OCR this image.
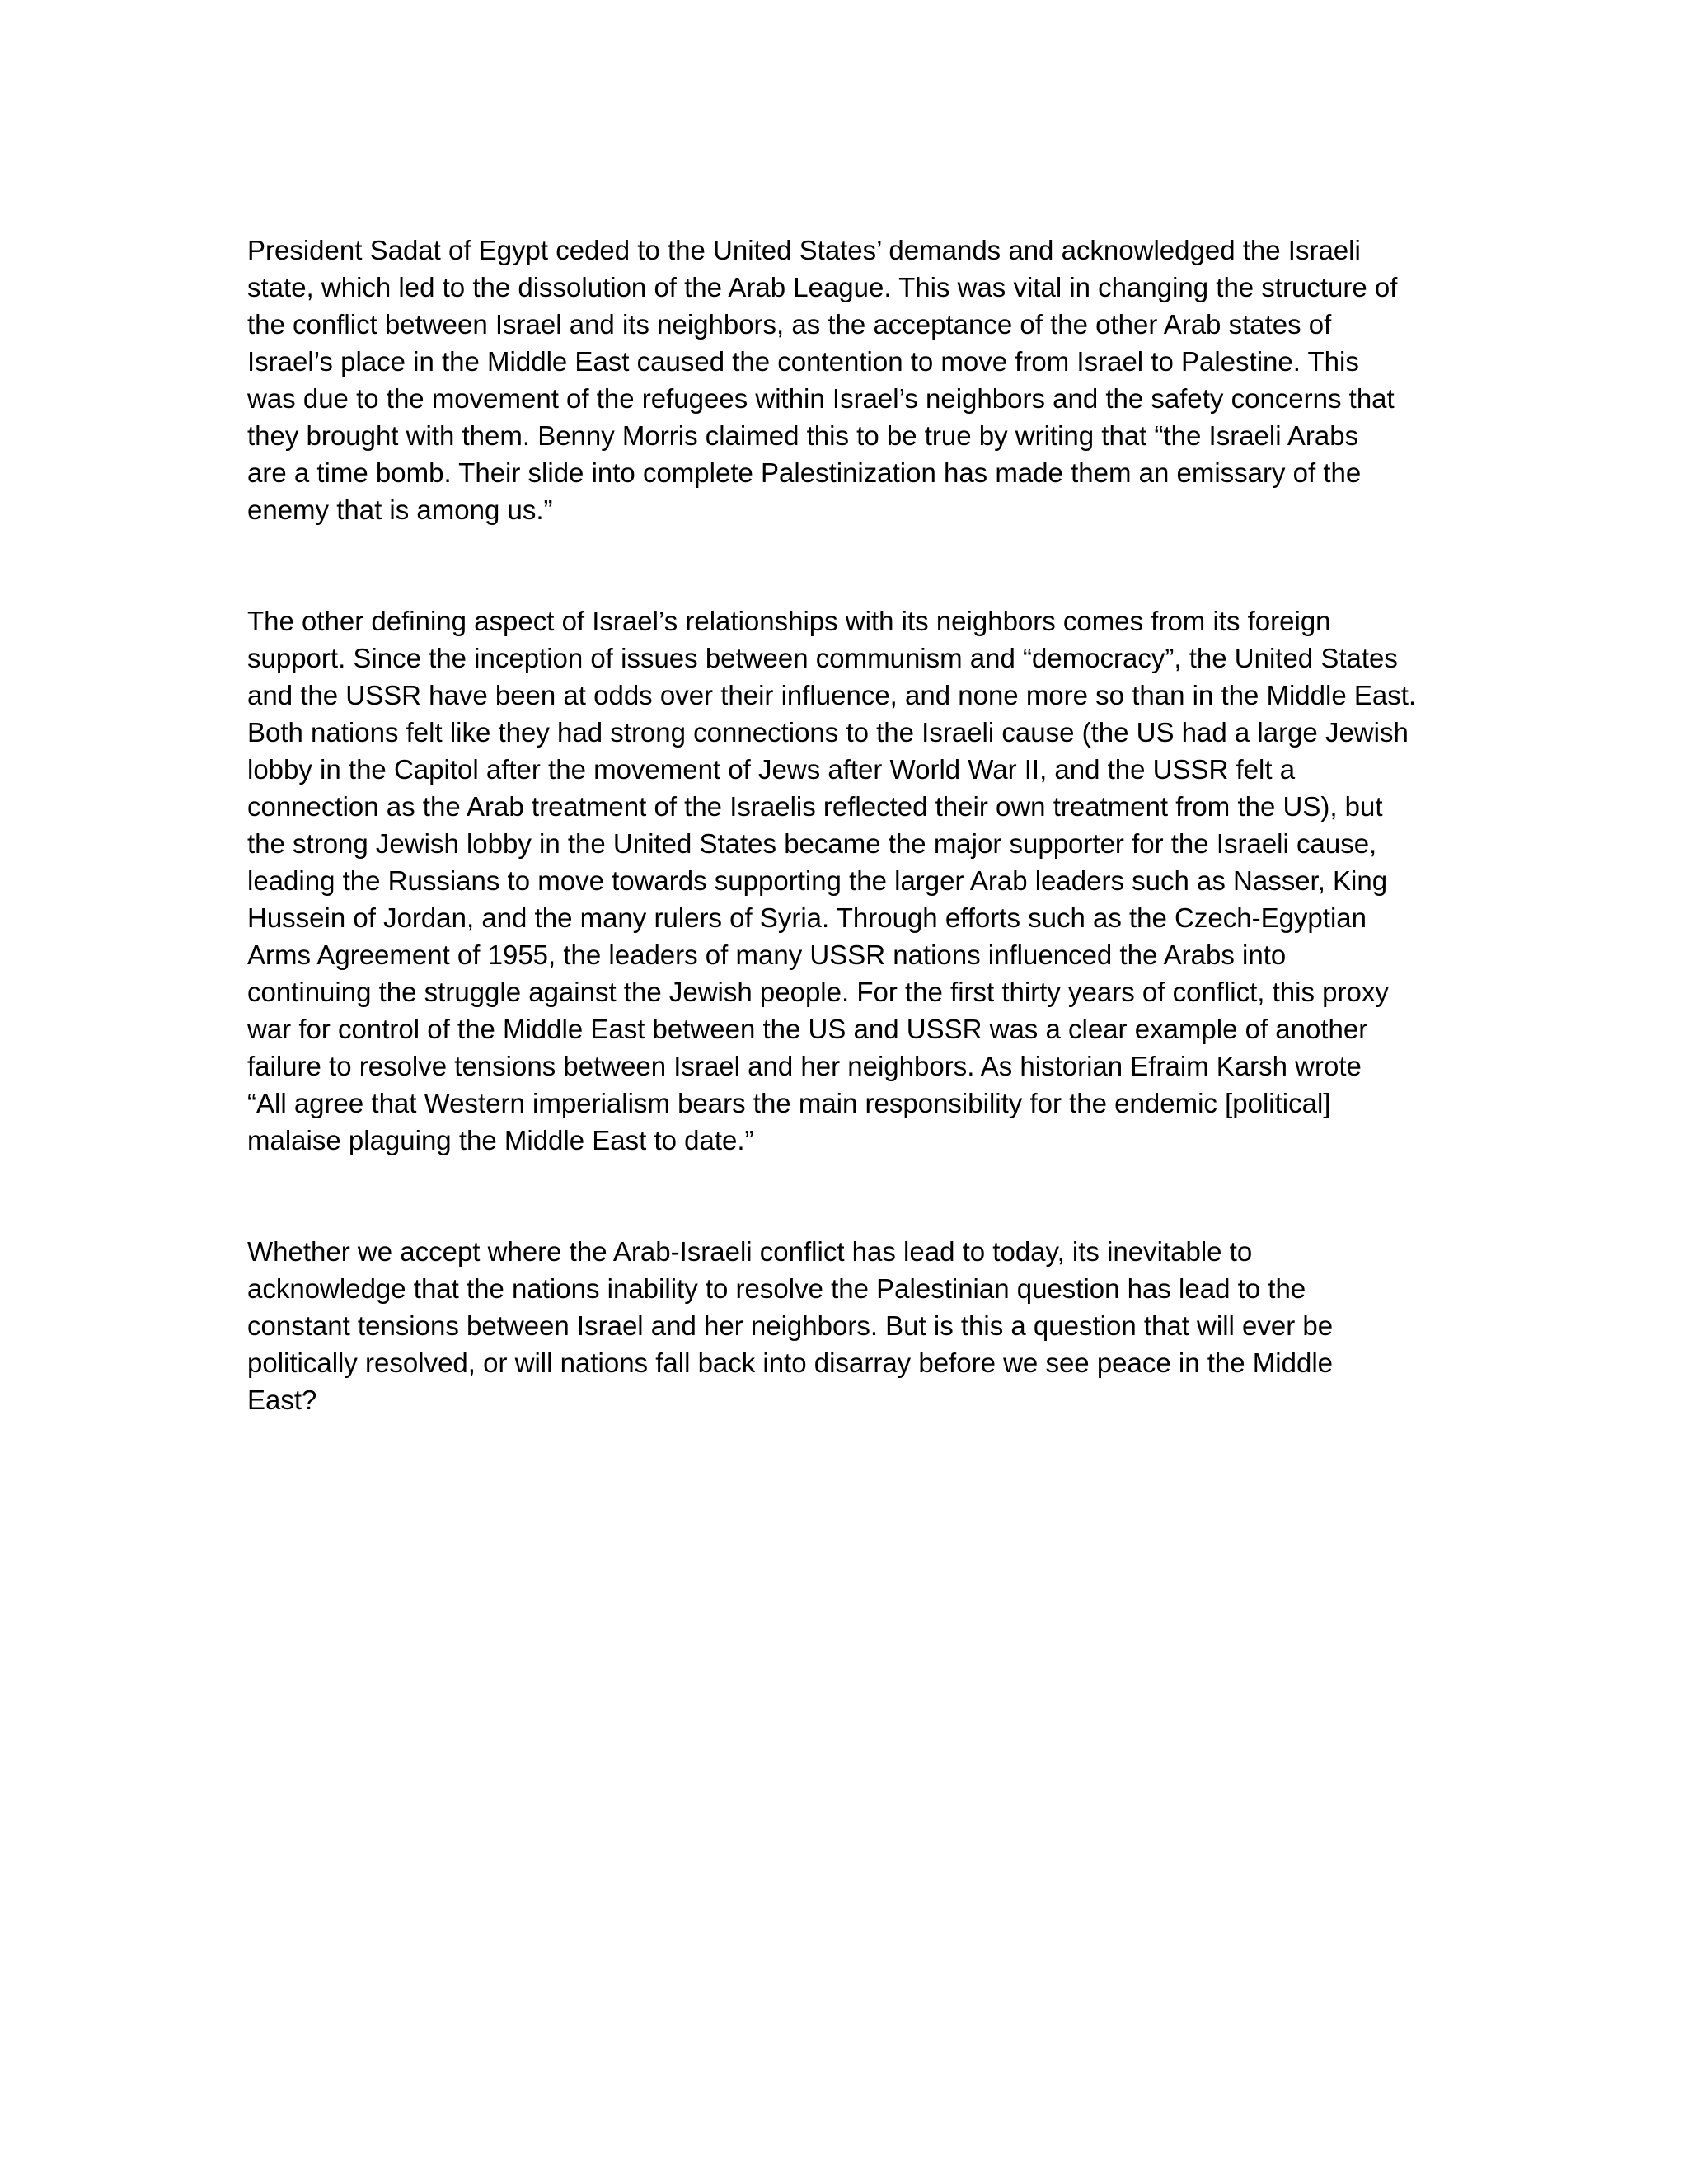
President Sadat of Egypt ceded to the United States’ demands and acknowledged the Israeli
state, which led to the dissolution of the Arab League. This was vital in changing the structure of
the conflict between Israel and its neighbors, as the acceptance of the other Arab states of
Israel’s place in the Middle East caused the contention to move from Israel to Palestine. This
was due to the movement of the refugees within Israel’s neighbors and the safety concerns that
they brought with them. Benny Morris claimed this to be true by writing that “the Israeli Arabs
are a time bomb. Their slide into complete Palestinization has made them an emissary of the
enemy that is among us.”

The other defining aspect of Israel’s relationships with its neighbors comes from its foreign
support. Since the inception of issues between communism and “democracy”, the United States
and the USSR have been at odds over their influence, and none more so than in the Middle East.
Both nations felt like they had strong connections to the Israeli cause (the US had a large Jewish
lobby in the Capitol after the movement of Jews after World War II, and the USSR felt a
connection as the Arab treatment of the Israelis reflected their own treatment from the US), but
the strong Jewish lobby in the United States became the major supporter for the Israeli cause,
leading the Russians to move towards supporting the larger Arab leaders such as Nasser, King
Hussein of Jordan, and the many rulers of Syria. Through efforts such as the Czech-Egyptian
Arms Agreement of 1955, the leaders of many USSR nations influenced the Arabs into
continuing the struggle against the Jewish people. For the first thirty years of conflict, this proxy
war for control of the Middle East between the US and USSR was a clear example of another
failure to resolve tensions between Israel and her neighbors. As historian Efraim Karsh wrote
“All agree that Western imperialism bears the main responsibility for the endemic [political]
malaise plaguing the Middle East to date.”

Whether we accept where the Arab-Israeli conflict has lead to today, its inevitable to
acknowledge that the nations inability to resolve the Palestinian question has lead to the
constant tensions between Israel and her neighbors. But is this a question that will ever be
politically resolved, or will nations fall back into disarray before we see peace in the Middle
East?
